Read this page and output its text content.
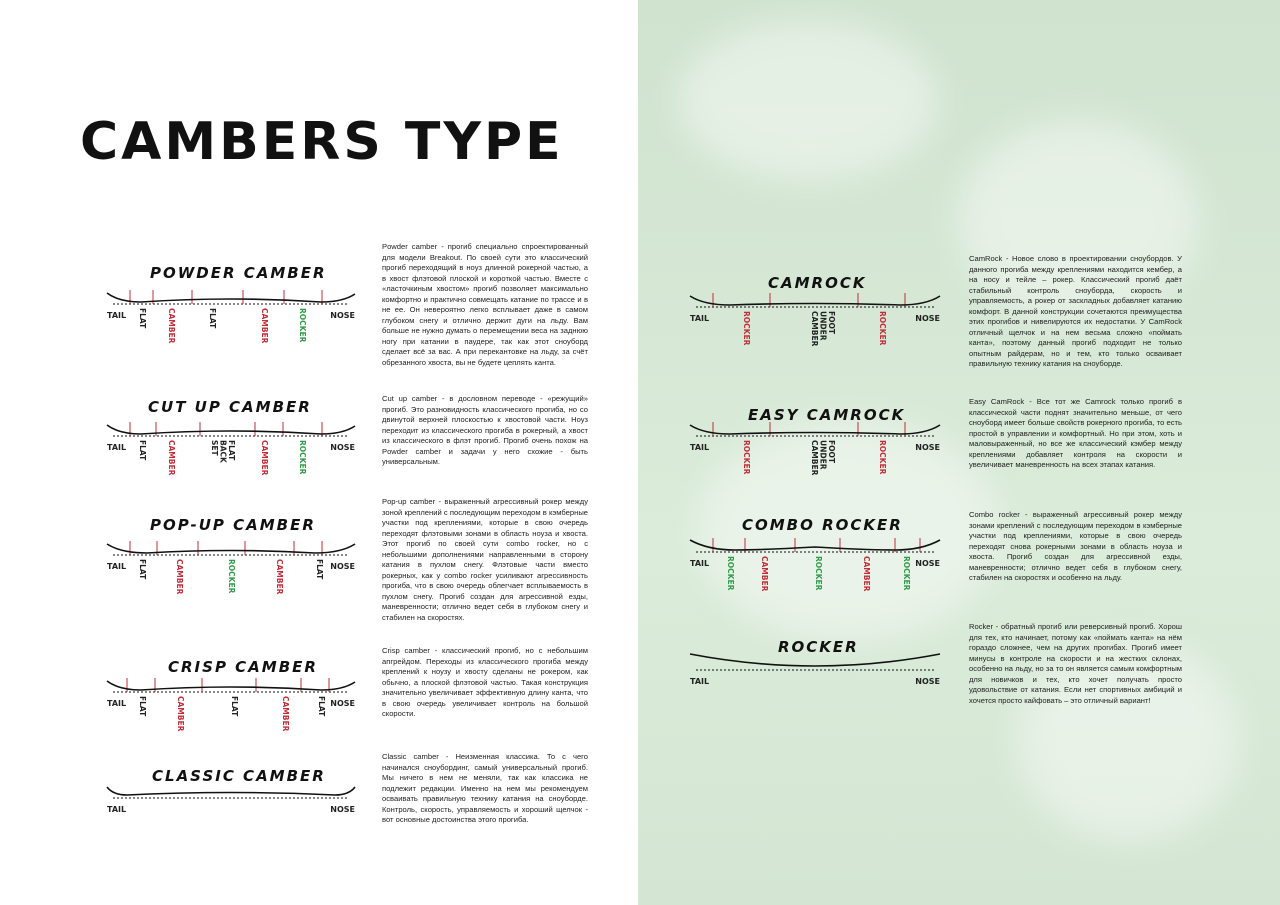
CAMBERS TYPE
TAIL	NOSE
FLAT	CAMBER	FLAT	CAMBER	ROCKER
TAIL	NOSE
FLAT	CAMBER	SET BACK FLAT	CAMBER	ROCKER
TAIL	NOSE
FLAT	CAMBER	ROCKER	CAMBER	FLAT
TAIL	NOSE
FLAT	CAMBER	FLAT	CAMBER	FLAT
TAIL	NOSE
TAIL	NOSE
ROCKER	CAMBER UNDER FOOT	ROCKER
TAIL	NOSE
ROCKER	CAMBER UNDER FOOT	ROCKER
TAIL	NOSE
ROCKER	CAMBER	ROCKER	CAMBER	ROCKER
TAIL	NOSE
POWDER CAMBER
Powder camber - прогиб специально спроектированный для модели Breakout. По своей сути это классический прогиб переходящий в ноуз длинной рокерной частью, а в хвост флэтовой плоской и короткой частью. Вместе с «ласточкиным хвостом» прогиб позволяет максимально комфортно и практично совмещать катание по трассе и в не ее. Он невероятно легко всплывает даже в самом глубоком снегу и отлично держит дуги на льду. Вам больше не нужно думать о перемещении веса на заднюю ногу при катании в паудере, так как этот сноуборд сделает всё за вас. А при перекантовке на льду, за счёт обрезанного хвоста, вы не будете цеплять канта.
CUT UP CAMBER	Cut up camber - в дословном переводе - «режущий» прогиб. Это разновидность классического прогиба, но со двинутой верхней плоскостью к хвостовой части. Ноуз переходит из классического прогиба в рокерный, а хвост из классического в флэт прогиб. Прогиб очень похож на Powder camber и задачи у него схожие - быть универсальным.
POP-UP CAMBER
Pop-up camber - выраженный агрессивный рокер между зоной креплений с последующим переходом в кэмберные участки под креплениями, которые в свою очередь переходят флэтовыми зонами в область ноуза и хвоста. Этот прогиб по своей сути combo rocker, но с небольшими дополнениями направленными в сторону катания в пухлом снегу. Флэтовые части вместо рокерных, как у combo rocker усиливают агрессивность прогиба, что в свою очередь облегчает всплываемость в пухлом снегу. Прогиб создан для агрессивной езды, маневренности; отлично ведет себя в глубоком снегу и стабилен на скоростях.
CRISP CAMBER
Crisp camber - классический прогиб, но с небольшим апгрейдом. Переходы из классического прогиба между креплений к ноузу и хвосту сделаны не рокером, как обычно, а плоской флэтовой частью. Такая конструкция значительно увеличивает эффективную длину канта, что в свою очередь увеличивает контроль на большой скорости.
CLASSIC CAMBER
Classic camber - Неизменная классика. То с чего начинался сноубординг, самый универсальный прогиб. Мы ничего в нем не меняли, так как классика не подлежит редакции. Именно на нем мы рекомендуем осваивать правильную технику катания на сноуборде. Контроль, скорость, управляемость и хороший щелчок - вот основные достоинства этого прогиба.
CAMROCK
CamRock - Новое слово в проектировании сноубордов. У данного прогиба между креплениями находится кембер, а на носу и тейле – рокер. Классический прогиб даёт стабильный контроль сноуборда, скорость и управляемость, а рокер от заскладных добавляет катанию комфорт. В данной конструкции сочетаются преимущества этих прогибов и нивелируются их недостатки. У CamRock отличный щелчок и на нем весьма сложно «поймать канта», поэтому данный прогиб подходит не только опытным райдерам, но и тем, кто только осваивает правильную технику катания на сноуборде.
EASY CAMROCK
Easy CamRock - Все тот же Camrock только прогиб в классической части поднят значительно меньше, от чего сноуборд имеет больше свойств рокерного прогиба, то есть простой в управлении и комфортный. Но при этом, хоть и маловыраженный, но все же классический кэмбер между креплениями добавляет контроля на скорости и увеличивает маневренность на всех этапах катания.
COMBO ROCKER
Combo rocker - выраженный агрессивный рокер между зонами креплений с последующим переходом в кэмберные участки под креплениями, которые в свою очередь переходят снова рокерными зонами в область ноуза и хвоста. Прогиб создан для агрессивной езды, маневренности; отлично ведет себя в глубоком снегу, стабилен на скоростях и особенно на льду.
ROCKER
Rocker - обратный прогиб или реверсивный прогиб. Хорош для тех, кто начинает, потому как «поймать канта» на нём гораздо сложнее, чем на других прогибах. Прогиб имеет минусы в контроле на скорости и на жестких склонах, особенно на льду, но за то он является самым комфортным для новичков и тех, кто хочет получать просто удовольствие от катания. Если нет спортивных амбиций и хочется просто кайфовать – это отличный вариант!
